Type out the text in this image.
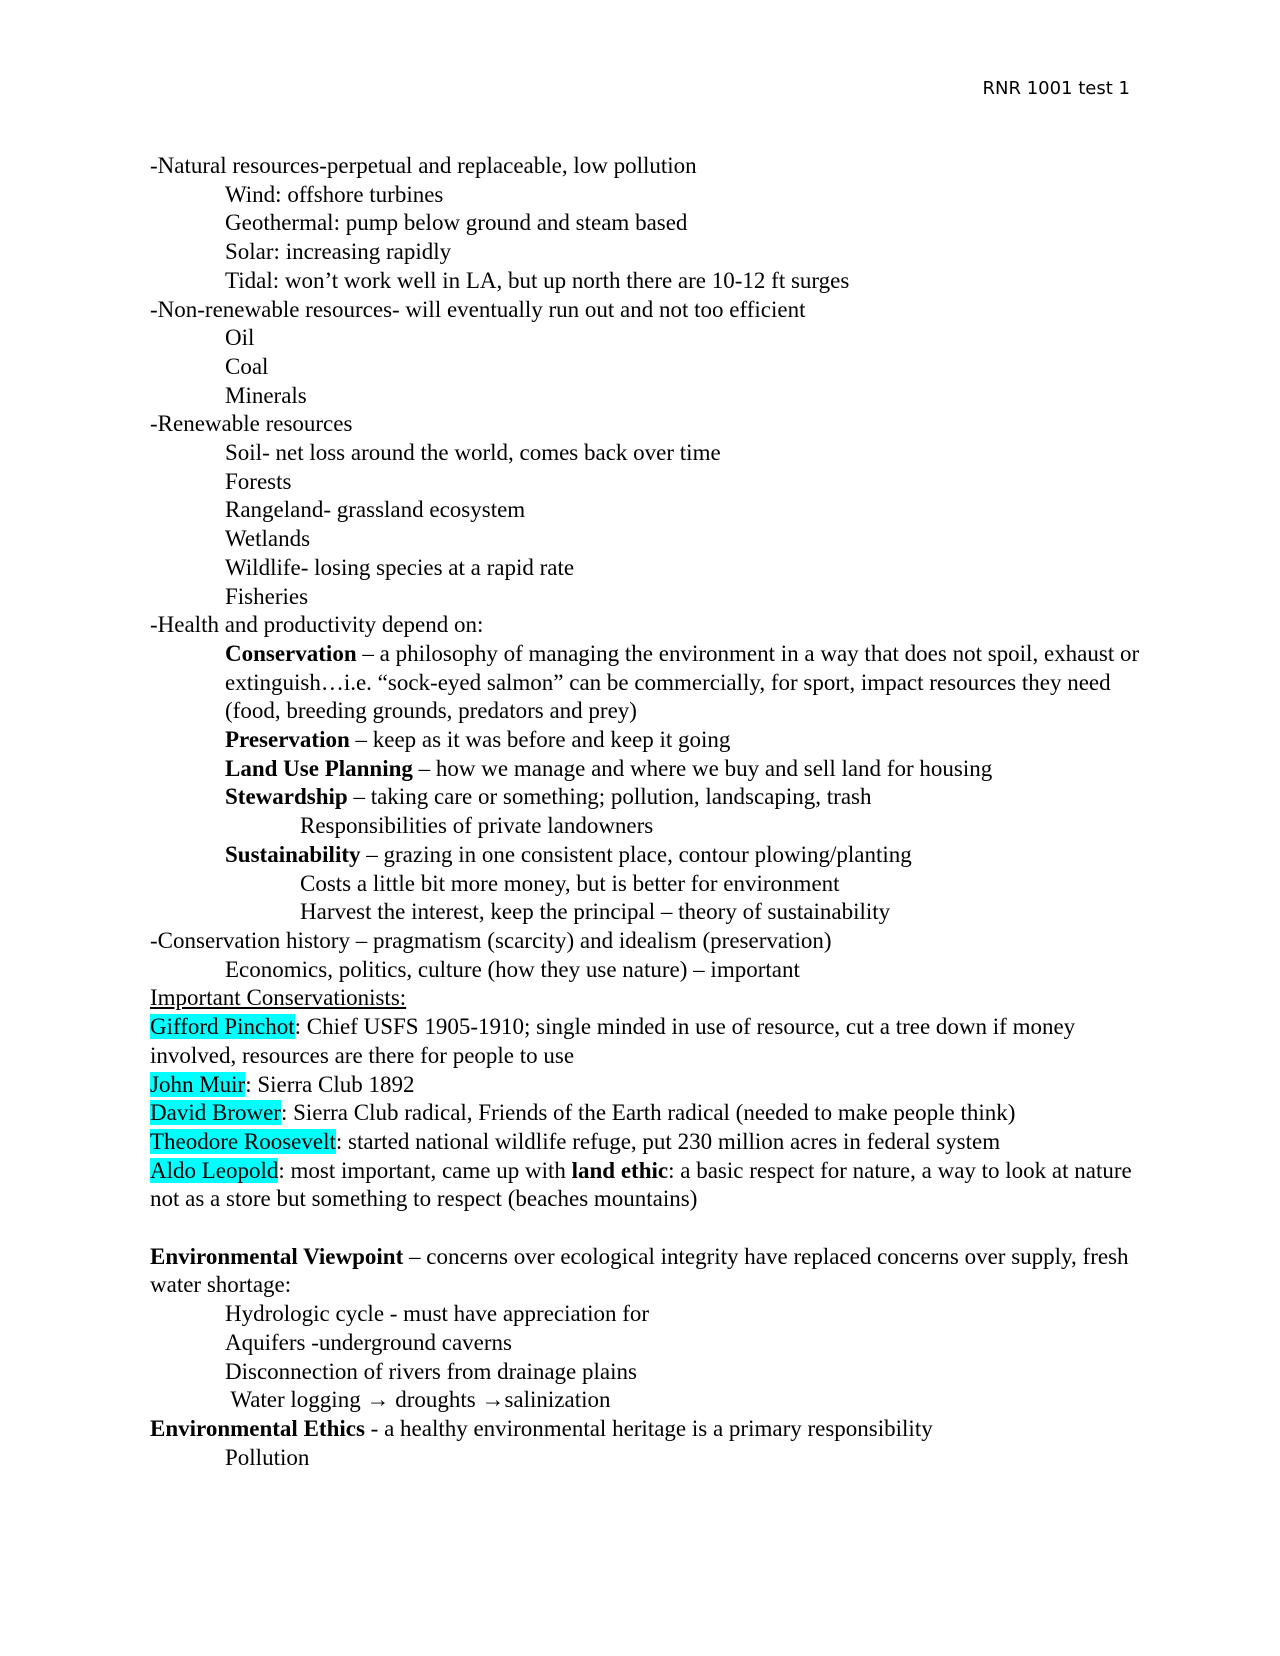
RNR 1001 test 1
-Natural resources-perpetual and replaceable, low pollution
Wind: offshore turbines
Geothermal: pump below ground and steam based
Solar: increasing rapidly
Tidal: won’t work well in LA, but up north there are 10-12 ft surges
-Non-renewable resources- will eventually run out and not too efficient
Oil
Coal
Minerals
-Renewable resources
Soil- net loss around the world, comes back over time
Forests
Rangeland- grassland ecosystem
Wetlands
Wildlife- losing species at a rapid rate
Fisheries
-Health and productivity depend on:
Conservation – a philosophy of managing the environment in a way that does not spoil, exhaust or extinguish…i.e. “sock-eyed salmon” can be commercially, for sport, impact resources they need (food, breeding grounds, predators and prey)
Preservation – keep as it was before and keep it going
Land Use Planning – how we manage and where we buy and sell land for housing
Stewardship – taking care or something; pollution, landscaping, trash
Responsibilities of private landowners
Sustainability – grazing in one consistent place, contour plowing/planting
Costs a little bit more money, but is better for environment
Harvest the interest, keep the principal – theory of sustainability
-Conservation history – pragmatism (scarcity) and idealism (preservation)
Economics, politics, culture (how they use nature) – important
Important Conservationists:
Gifford Pinchot: Chief USFS 1905-1910; single minded in use of resource, cut a tree down if money involved, resources are there for people to use
John Muir: Sierra Club 1892
David Brower: Sierra Club radical, Friends of the Earth radical (needed to make people think)
Theodore Roosevelt: started national wildlife refuge, put 230 million acres in federal system
Aldo Leopold: most important, came up with land ethic: a basic respect for nature, a way to look at nature not as a store but something to respect (beaches mountains)
Environmental Viewpoint – concerns over ecological integrity have replaced concerns over supply, fresh water shortage:
Hydrologic cycle - must have appreciation for
Aquifers -underground caverns
Disconnection of rivers from drainage plains
Water logging → droughts →salinization
Environmental Ethics - a healthy environmental heritage is a primary responsibility
Pollution
